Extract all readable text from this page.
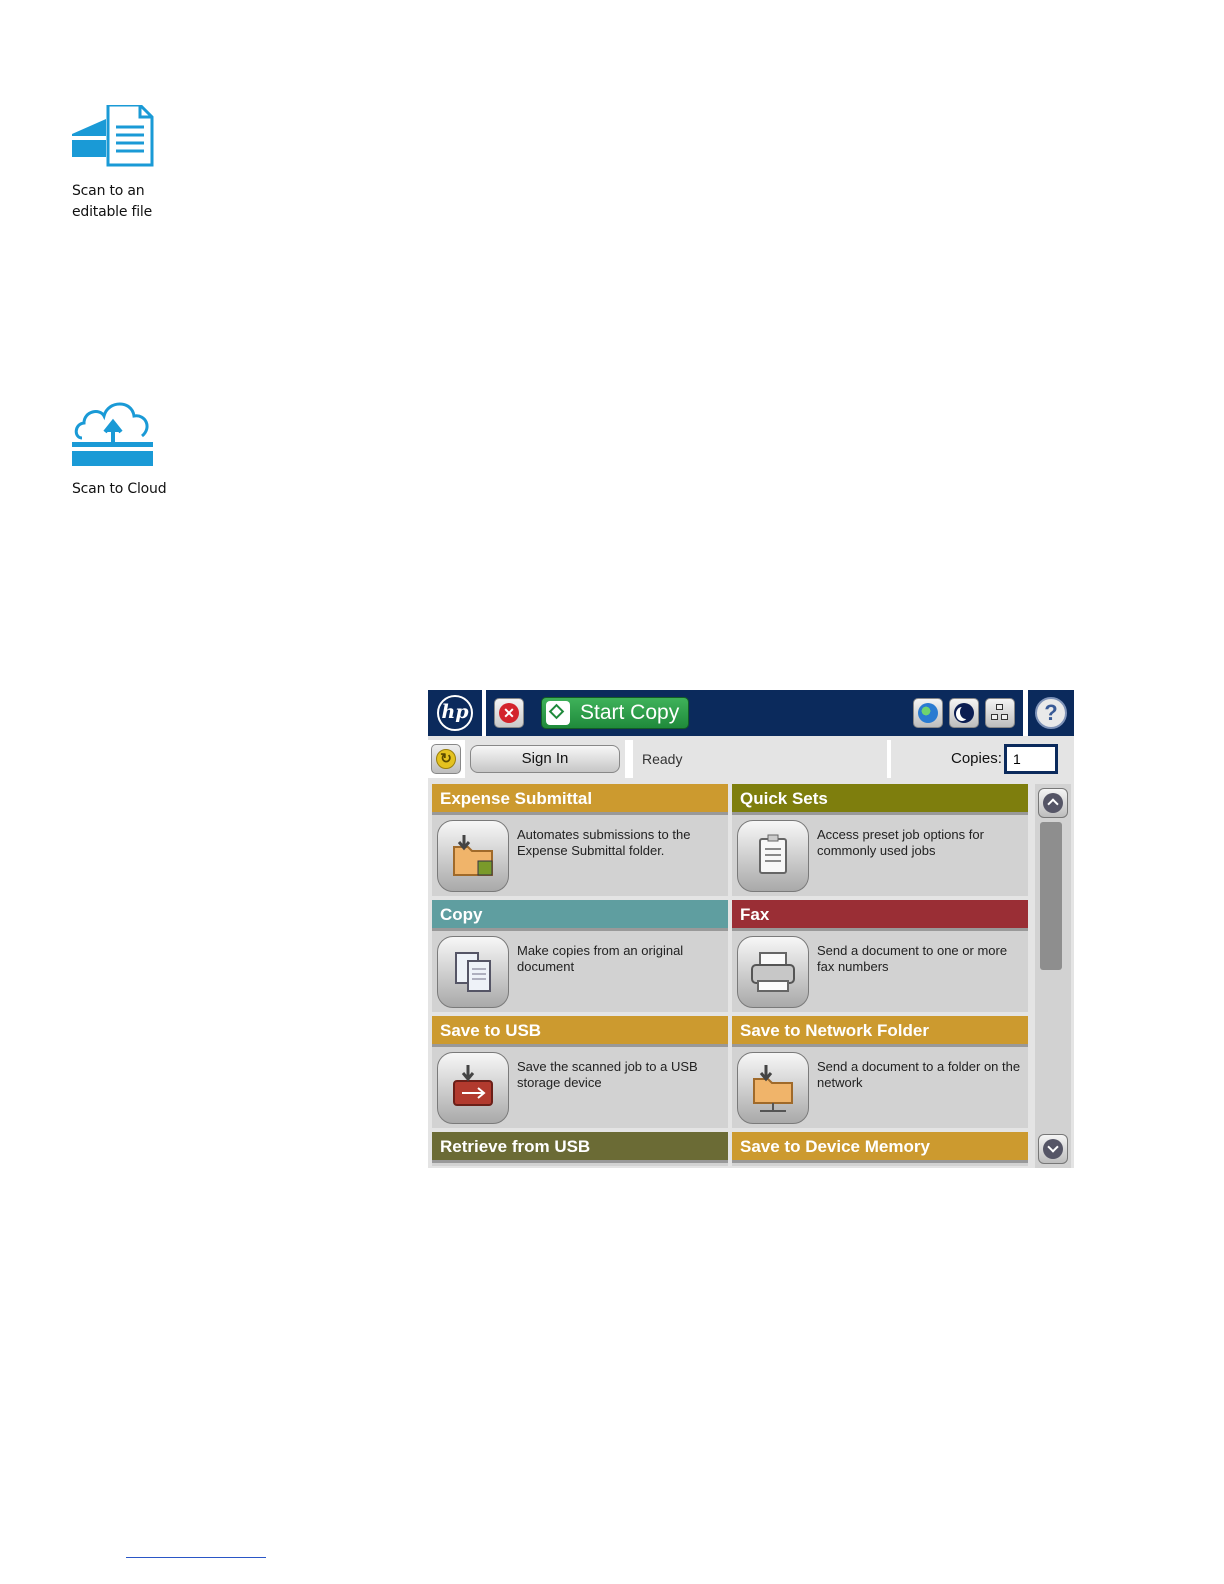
Scan to an
editable file
Scan to Cloud
hp	✕	Start Copy	?
↻	Sign In	Ready	Copies:
1
Expense Submittal
Automates submissions to the Expense Submittal folder.
Quick Sets
Access preset job options for commonly used jobs
Copy
Make copies from an original document
Fax
Send a document to one or more fax numbers
Save to USB
Save the scanned job to a USB storage device
Save to Network Folder
Send a document to a folder on the network
Retrieve from USB	Save to Device Memory
